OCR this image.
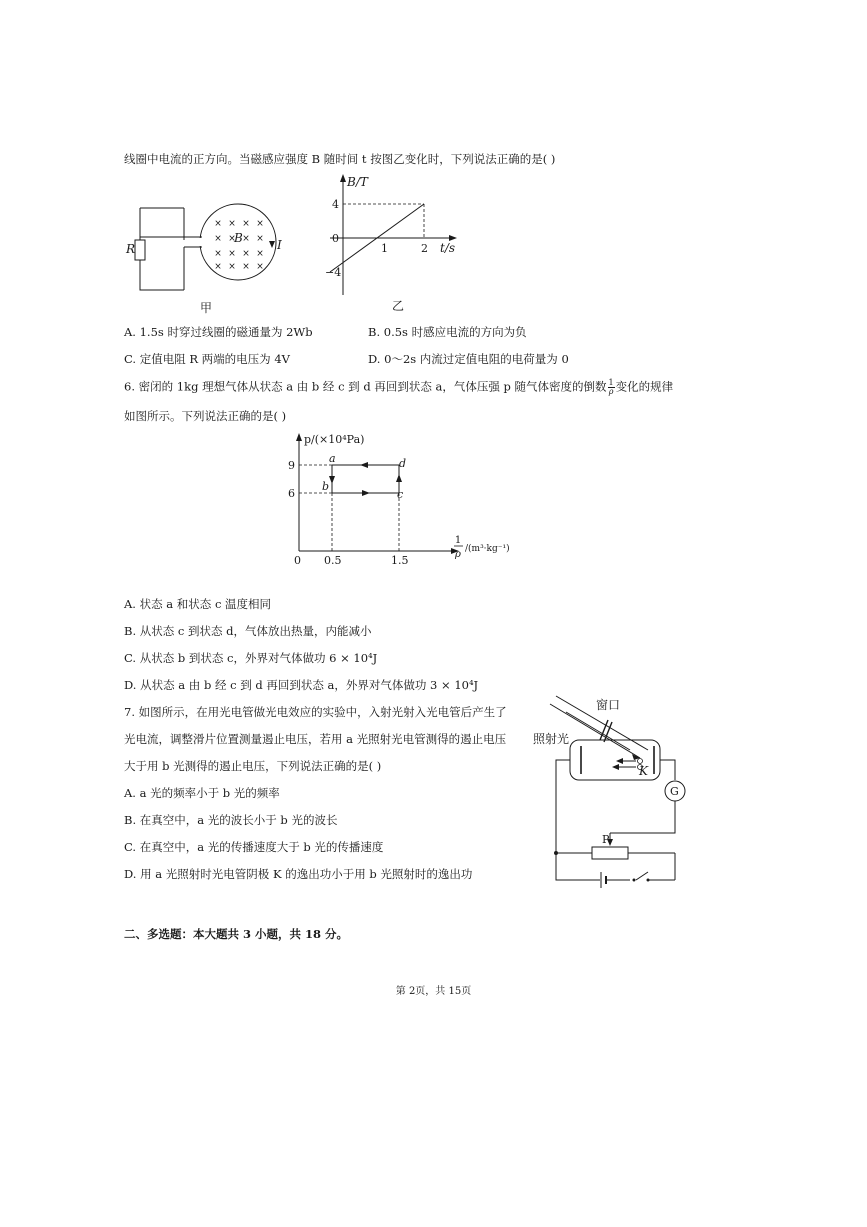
线圈中电流的正方向。当磁感应强度 B 随时间 t 按图乙变化时，下列说法正确的是( )
× × × ×
× × × ×
× × × ×
× × × ×
R
B	I
甲
B/T
t/s
0
4
−4
1	2
乙
A. 1.5s 时穿过线圈的磁通量为 2Wb	B. 0.5s 时感应电流的方向为负
C. 定值电阻 R 两端的电压为 4V	D. 0～2s 内流过定值电阻的电荷量为 0
6. 密闭的 1kg 理想气体从状态 a 由 b 经 c 到 d 再回到状态 a，气体压强 p 随气体密度的倒数 $\frac{1}{\rho}$ 变化的规律
如图所示。下列说法正确的是( )
p/(×10⁴Pa)
9
6
0 0.5	1.5
a
b
c
d
1
ρ /(m³·kg⁻¹)
A. 状态 a 和状态 c 温度相同
B. 从状态 c 到状态 d，气体放出热量，内能减小
C. 从状态 b 到状态 c，外界对气体做功 6 × 10⁴J
D. 从状态 a 由 b 经 c 到 d 再回到状态 a，外界对气体做功 3 × 10⁴J
7. 如图所示，在用光电管做光电效应的实验中，入射光射入光电管后产生了
光电流，调整滑片位置测量遏止电压，若用 a 光照射光电管测得的遏止电压
大于用 b 光测得的遏止电压，下列说法正确的是( )
A. a 光的频率小于 b 光的频率
B. 在真空中，a 光的波长小于 b 光的波长
C. 在真空中，a 光的传播速度大于 b 光的传播速度
D. 用 a 光照射时光电管阴极 K 的逸出功小于用 b 光照射时的逸出功
窗口
照射光
K
G
P
二、多选题：本大题共 3 小题，共 18 分。
第 2页，共 15页
